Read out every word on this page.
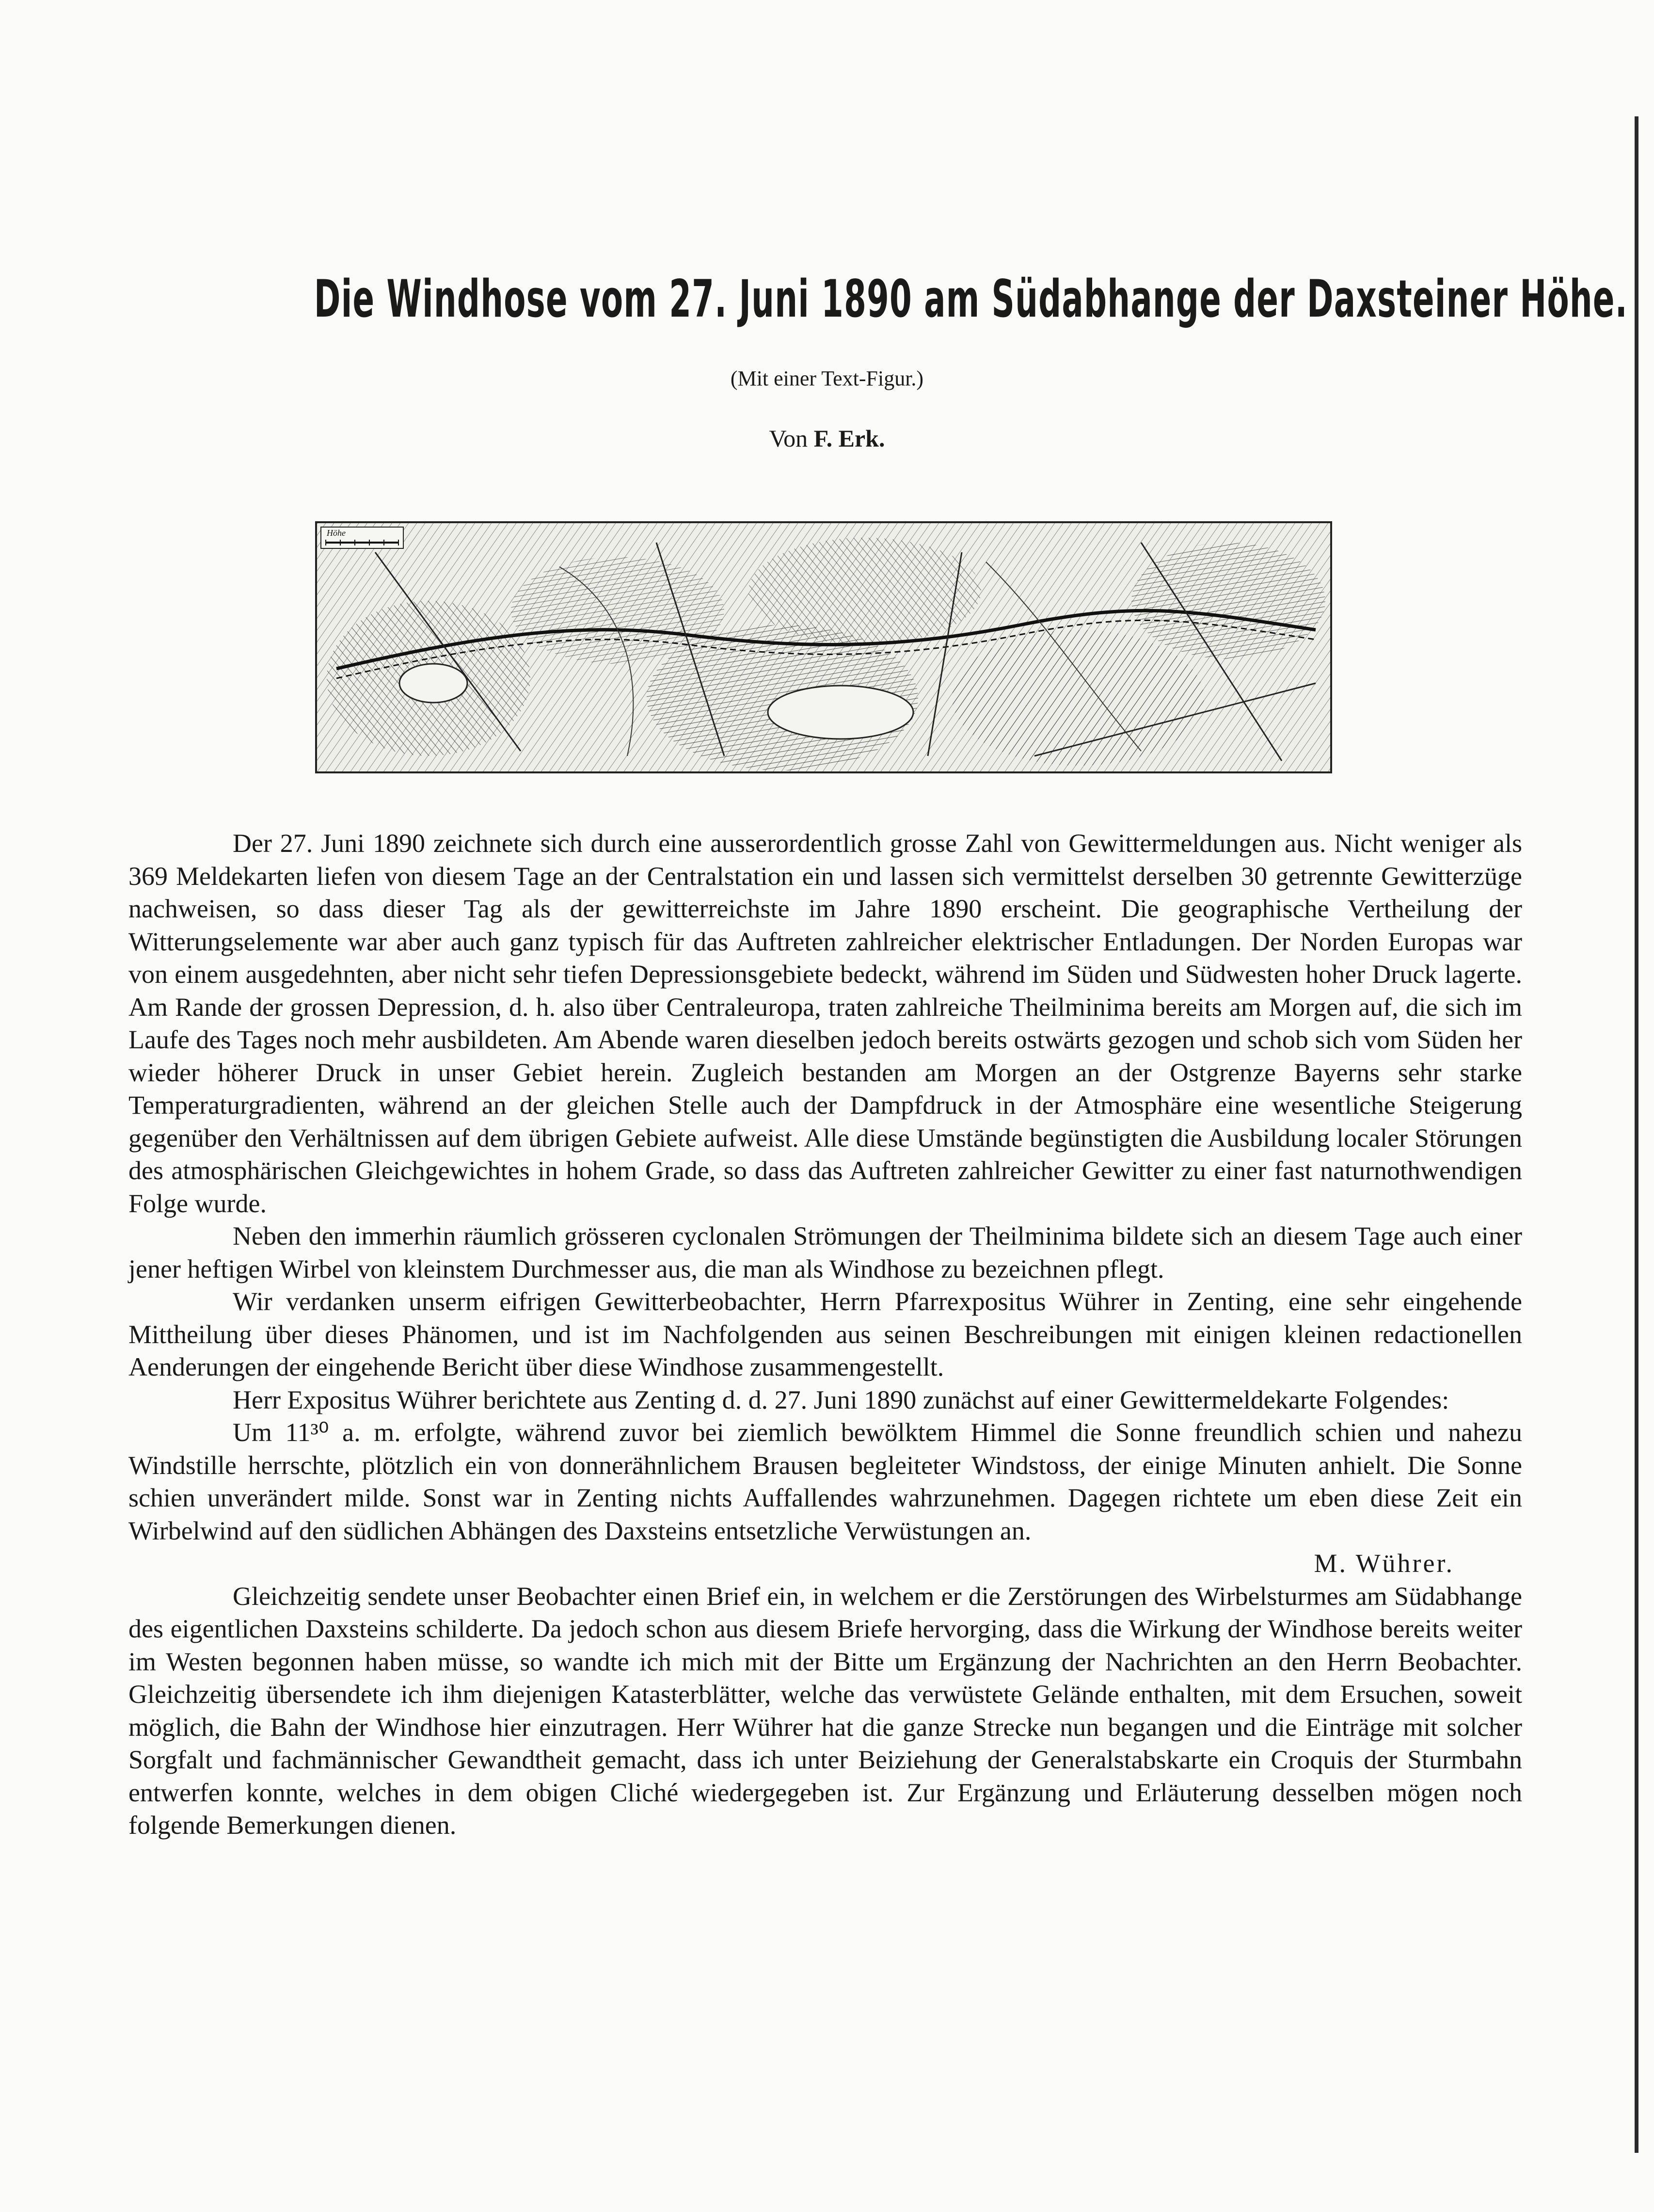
Die Windhose vom 27. Juni 1890 am Südabhange der Daxsteiner Höhe.
(Mit einer Text-Figur.)
Von F. Erk.
Höhe

Der 27. Juni 1890 zeichnete sich durch eine ausserordentlich grosse Zahl von Gewittermeldungen aus. Nicht weniger als 369 Meldekarten liefen von diesem Tage an der Centralstation ein und lassen sich vermittelst derselben 30 getrennte Gewitterzüge nachweisen, so dass dieser Tag als der gewitterreichste im Jahre 1890 erscheint. Die geographische Vertheilung der Witterungselemente war aber auch ganz typisch für das Auftreten zahlreicher elektrischer Entladungen. Der Norden Europas war von einem ausgedehnten, aber nicht sehr tiefen Depressionsgebiete bedeckt, während im Süden und Südwesten hoher Druck lagerte. Am Rande der grossen Depression, d. h. also über Centraleuropa, traten zahlreiche Theilminima bereits am Morgen auf, die sich im Laufe des Tages noch mehr ausbildeten. Am Abende waren dieselben jedoch bereits ostwärts gezogen und schob sich vom Süden her wieder höherer Druck in unser Gebiet herein. Zugleich bestanden am Morgen an der Ostgrenze Bayerns sehr starke Temperaturgradienten, während an der gleichen Stelle auch der Dampfdruck in der Atmosphäre eine wesentliche Steigerung gegenüber den Verhältnissen auf dem übrigen Gebiete aufweist. Alle diese Umstände begünstigten die Ausbildung localer Störungen des atmosphärischen Gleichgewichtes in hohem Grade, so dass das Auftreten zahlreicher Gewitter zu einer fast naturnothwendigen Folge wurde.

Neben den immerhin räumlich grösseren cyclonalen Strömungen der Theilminima bildete sich an diesem Tage auch einer jener heftigen Wirbel von kleinstem Durchmesser aus, die man als Windhose zu bezeichnen pflegt.

Wir verdanken unserm eifrigen Gewitterbeobachter, Herrn Pfarrexpositus Wührer in Zenting, eine sehr eingehende Mittheilung über dieses Phänomen, und ist im Nachfolgenden aus seinen Beschreibungen mit einigen kleinen redactionellen Aenderungen der eingehende Bericht über diese Windhose zusammengestellt.

Herr Expositus Wührer berichtete aus Zenting d. d. 27. Juni 1890 zunächst auf einer Gewittermeldekarte Folgendes:

Um 11³⁰ a. m. erfolgte, während zuvor bei ziemlich bewölktem Himmel die Sonne freundlich schien und nahezu Windstille herrschte, plötzlich ein von donnerähnlichem Brausen begleiteter Windstoss, der einige Minuten anhielt. Die Sonne schien unverändert milde. Sonst war in Zenting nichts Auffallendes wahrzunehmen. Dagegen richtete um eben diese Zeit ein Wirbelwind auf den südlichen Abhängen des Daxsteins entsetzliche Verwüstungen an.

M. Wührer.

Gleichzeitig sendete unser Beobachter einen Brief ein, in welchem er die Zerstörungen des Wirbelsturmes am Südabhange des eigentlichen Daxsteins schilderte. Da jedoch schon aus diesem Briefe hervorging, dass die Wirkung der Windhose bereits weiter im Westen begonnen haben müsse, so wandte ich mich mit der Bitte um Ergänzung der Nachrichten an den Herrn Beobachter. Gleichzeitig übersendete ich ihm diejenigen Katasterblätter, welche das verwüstete Gelände enthalten, mit dem Ersuchen, soweit möglich, die Bahn der Windhose hier einzutragen. Herr Wührer hat die ganze Strecke nun begangen und die Einträge mit solcher Sorgfalt und fachmännischer Gewandtheit gemacht, dass ich unter Beiziehung der Generalstabskarte ein Croquis der Sturmbahn entwerfen konnte, welches in dem obigen Cliché wiedergegeben ist. Zur Ergänzung und Erläuterung desselben mögen noch folgende Bemerkungen dienen.
